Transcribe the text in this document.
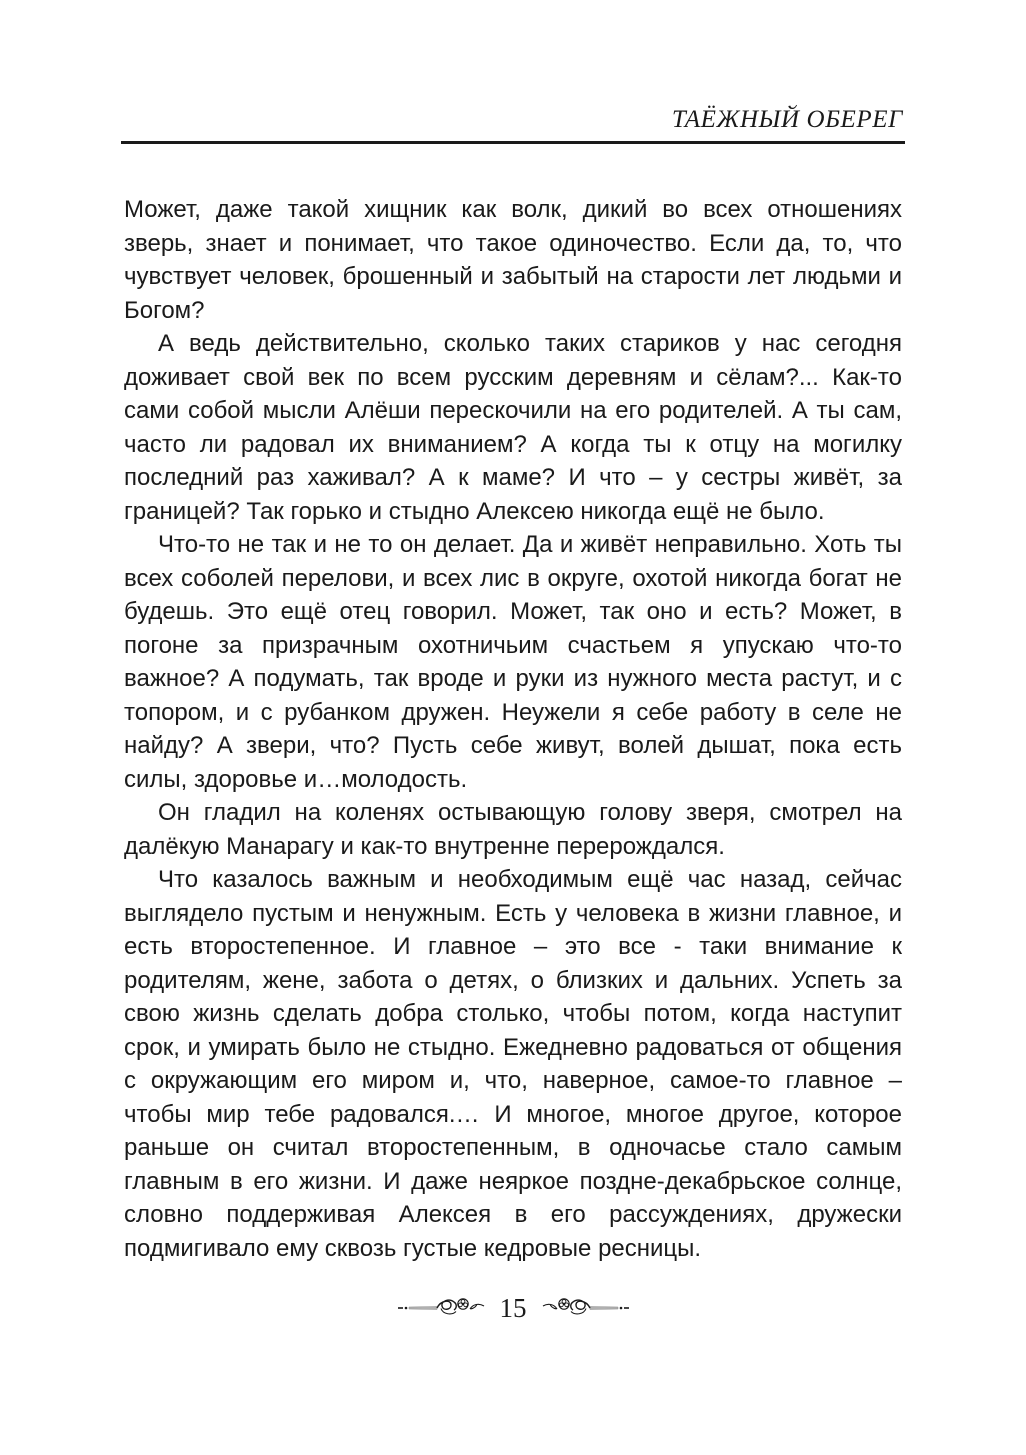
ТАЁЖНЫЙ ОБЕРЕГ

Может, даже такой хищник как волк, дикий во всех отношениях зверь, знает и понимает, что такое одиночество. Если да, то, что чувствует человек, брошенный и забытый на старости лет людьми и Богом?

А ведь действительно, сколько таких стариков у нас сегодня доживает свой век по всем русским деревням и сёлам?... Как-то сами собой мысли Алёши перескочили на его родителей. А ты сам, часто ли радовал их вниманием? А когда ты к отцу на могилку последний раз хаживал? А к маме? И что – у сестры живёт, за границей? Так горько и стыдно Алексею никогда ещё не было.

Что-то не так и не то он делает. Да и живёт неправильно. Хоть ты всех соболей перелови, и всех лис в округе, охотой никогда богат не будешь. Это ещё отец говорил. Может, так оно и есть? Может, в погоне за призрачным охотничьим счастьем я упускаю что-то важное? А подумать, так вроде и руки из нужного места растут, и с топором, и с рубанком дружен. Неужели я себе работу в селе не найду? А звери, что? Пусть себе живут, волей дышат, пока есть силы, здоровье и…молодость.

Он гладил на коленях остывающую голову зверя, смотрел на далёкую Манарагу и как-то внутренне перерождался.

Что казалось важным и необходимым ещё час назад, сейчас выглядело пустым и ненужным. Есть у человека в жизни главное, и есть второстепенное. И главное – это все - таки внимание к родителям, жене, забота о детях, о близких и дальних. Успеть за свою жизнь сделать добра столько, чтобы потом, когда наступит срок, и умирать было не стыдно. Ежедневно радоваться от общения с окружающим его миром и, что, наверное, самое-то главное – чтобы мир тебе радовался.… И многое, многое другое, которое раньше он считал второстепенным, в одночасье стало самым главным в его жизни. И даже неяркое поздне-декабрьское солнце, словно поддерживая Алексея в его рассуждениях, дружески подмигивало ему сквозь густые кедровые ресницы.

15
